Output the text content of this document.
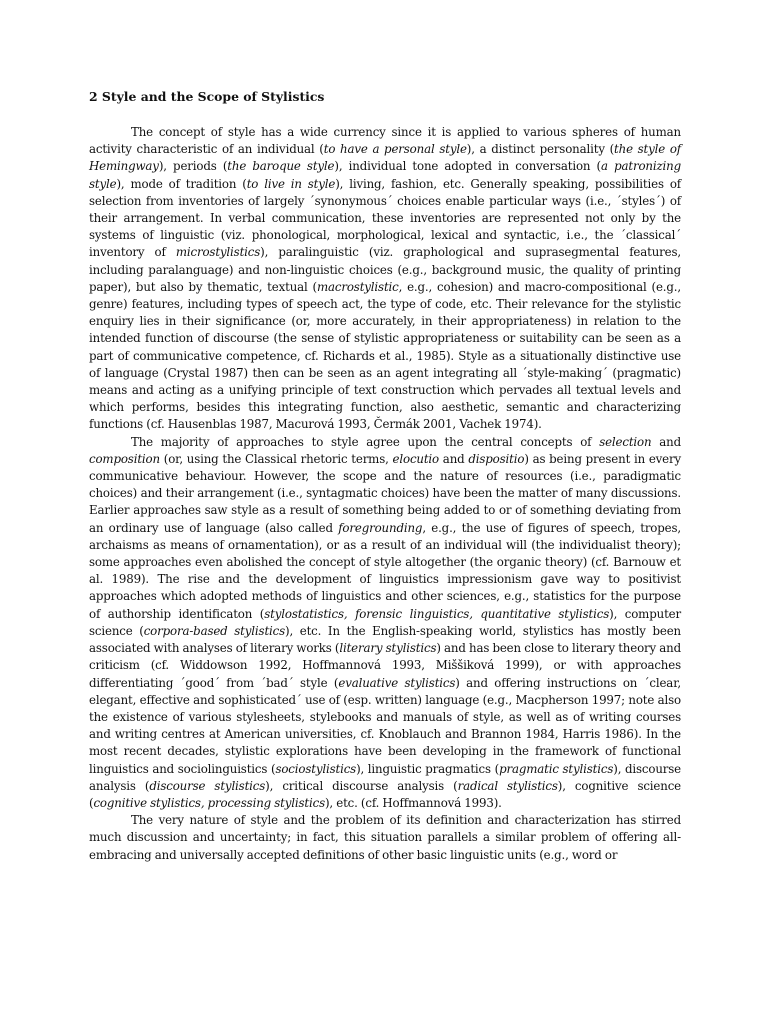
2 Style and the Scope of Stylistics

The concept of style has a wide currency since it is applied to various spheres of human activity characteristic of an individual (to have a personal style), a distinct personality (the style of Hemingway), periods (the baroque style), individual tone adopted in conversation (a patronizing style), mode of tradition (to live in style), living, fashion, etc. Generally speaking, possibilities of selection from inventories of largely ´synonymous´ choices enable particular ways (i.e., ´styles´) of their arrangement. In verbal communication, these inventories are represented not only by the systems of linguistic (viz. phonological, morphological, lexical and syntactic, i.e., the ´classical´ inventory of microstylistics), paralinguistic (viz. graphological and suprasegmental features, including paralanguage) and non-linguistic choices (e.g., background music, the quality of printing paper), but also by thematic, textual (macrostylistic, e.g., cohesion) and macro-compositional (e.g., genre) features, including types of speech act, the type of code, etc. Their relevance for the stylistic enquiry lies in their significance (or, more accurately, in their appropriateness) in relation to the intended function of discourse (the sense of stylistic appropriateness or suitability can be seen as a part of communicative competence, cf. Richards et al., 1985). Style as a situationally distinctive use of language (Crystal 1987) then can be seen as an agent integrating all ´style-making´ (pragmatic) means and acting as a unifying principle of text construction which pervades all textual levels and which performs, besides this integrating function, also aesthetic, semantic and characterizing functions (cf. Hausenblas 1987, Macurová 1993, Čermák 2001, Vachek 1974).

The majority of approaches to style agree upon the central concepts of selection and composition (or, using the Classical rhetoric terms, elocutio and dispositio) as being present in every communicative behaviour. However, the scope and the nature of resources (i.e., paradigmatic choices) and their arrangement (i.e., syntagmatic choices) have been the matter of many discussions. Earlier approaches saw style as a result of something being added to or of something deviating from an ordinary use of language (also called foregrounding, e.g., the use of figures of speech, tropes, archaisms as means of ornamentation), or as a result of an individual will (the individualist theory); some approaches even abolished the concept of style altogether (the organic theory) (cf. Barnouw et al. 1989). The rise and the development of linguistics impressionism gave way to positivist approaches which adopted methods of linguistics and other sciences, e.g., statistics for the purpose of authorship identificaton (stylostatistics, forensic linguistics, quantitative stylistics), computer science (corpora-based stylistics), etc. In the English-speaking world, stylistics has mostly been associated with analyses of literary works (literary stylistics) and has been close to literary theory and criticism (cf. Widdowson 1992, Hoffmannová 1993, Miššiková 1999), or with approaches differentiating ´good´ from ´bad´ style (evaluative stylistics) and offering instructions on ´clear, elegant, effective and sophisticated´ use of (esp. written) language (e.g., Macpherson 1997; note also the existence of various stylesheets, stylebooks and manuals of style, as well as of writing courses and writing centres at American universities, cf. Knoblauch and Brannon 1984, Harris 1986). In the most recent decades, stylistic explorations have been developing in the framework of functional linguistics and sociolinguistics (sociostylistics), linguistic pragmatics (pragmatic stylistics), discourse analysis (discourse stylistics), critical discourse analysis (radical stylistics), cognitive science (cognitive stylistics, processing stylistics), etc. (cf. Hoffmannová 1993).

The very nature of style and the problem of its definition and characterization has stirred much discussion and uncertainty; in fact, this situation parallels a similar problem of offering all-embracing and universally accepted definitions of other basic linguistic units (e.g., word or
